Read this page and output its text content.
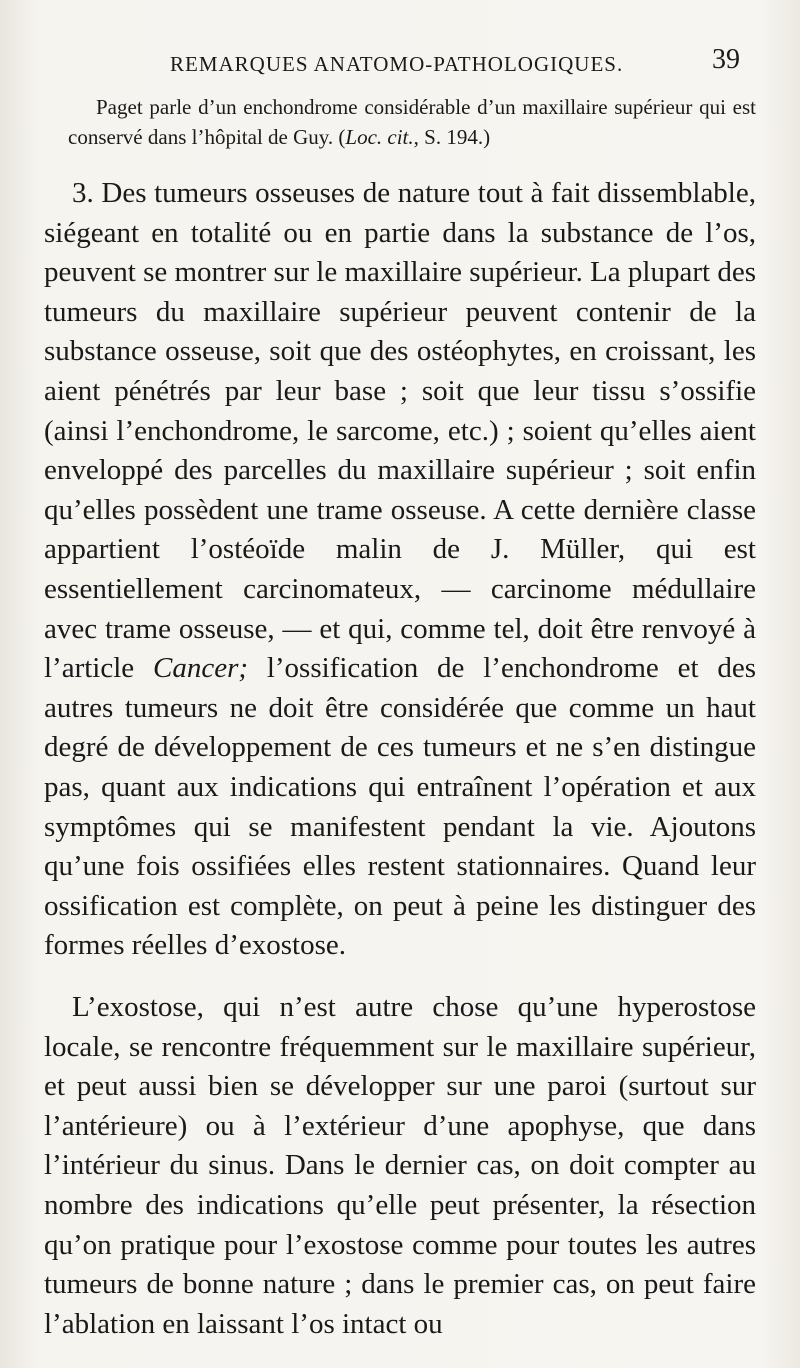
REMARQUES ANATOMO-PATHOLOGIQUES.	39
Paget parle d’un enchondrome considérable d’un maxillaire supérieur qui est conservé dans l’hôpital de Guy. (Loc. cit., S. 194.)
3. Des tumeurs osseuses de nature tout à fait dissemblable, siégeant en totalité ou en partie dans la substance de l’os, peuvent se montrer sur le maxillaire supérieur. La plupart des tumeurs du maxillaire supérieur peuvent contenir de la substance osseuse, soit que des ostéophytes, en croissant, les aient pénétrés par leur base ; soit que leur tissu s’ossifie (ainsi l’enchondrome, le sarcome, etc.) ; soient qu’elles aient enveloppé des parcelles du maxillaire supérieur ; soit enfin qu’elles possèdent une trame osseuse. A cette dernière classe appartient l’ostéoïde malin de J. Müller, qui est essentiellement carcinomateux, — carcinome médullaire avec trame osseuse, — et qui, comme tel, doit être renvoyé à l’article Cancer; l’ossification de l’enchondrome et des autres tumeurs ne doit être considérée que comme un haut degré de développement de ces tumeurs et ne s’en distingue pas, quant aux indications qui entraînent l’opération et aux symptômes qui se manifestent pendant la vie. Ajoutons qu’une fois ossifiées elles restent stationnaires. Quand leur ossification est complète, on peut à peine les distinguer des formes réelles d’exostose.
L’exostose, qui n’est autre chose qu’une hyperostose locale, se rencontre fréquemment sur le maxillaire supérieur, et peut aussi bien se développer sur une paroi (surtout sur l’antérieure) ou à l’extérieur d’une apophyse, que dans l’intérieur du sinus. Dans le dernier cas, on doit compter au nombre des indications qu’elle peut présenter, la résection qu’on pratique pour l’exostose comme pour toutes les autres tumeurs de bonne nature ; dans le premier cas, on peut faire l’ablation en laissant l’os intact ou
